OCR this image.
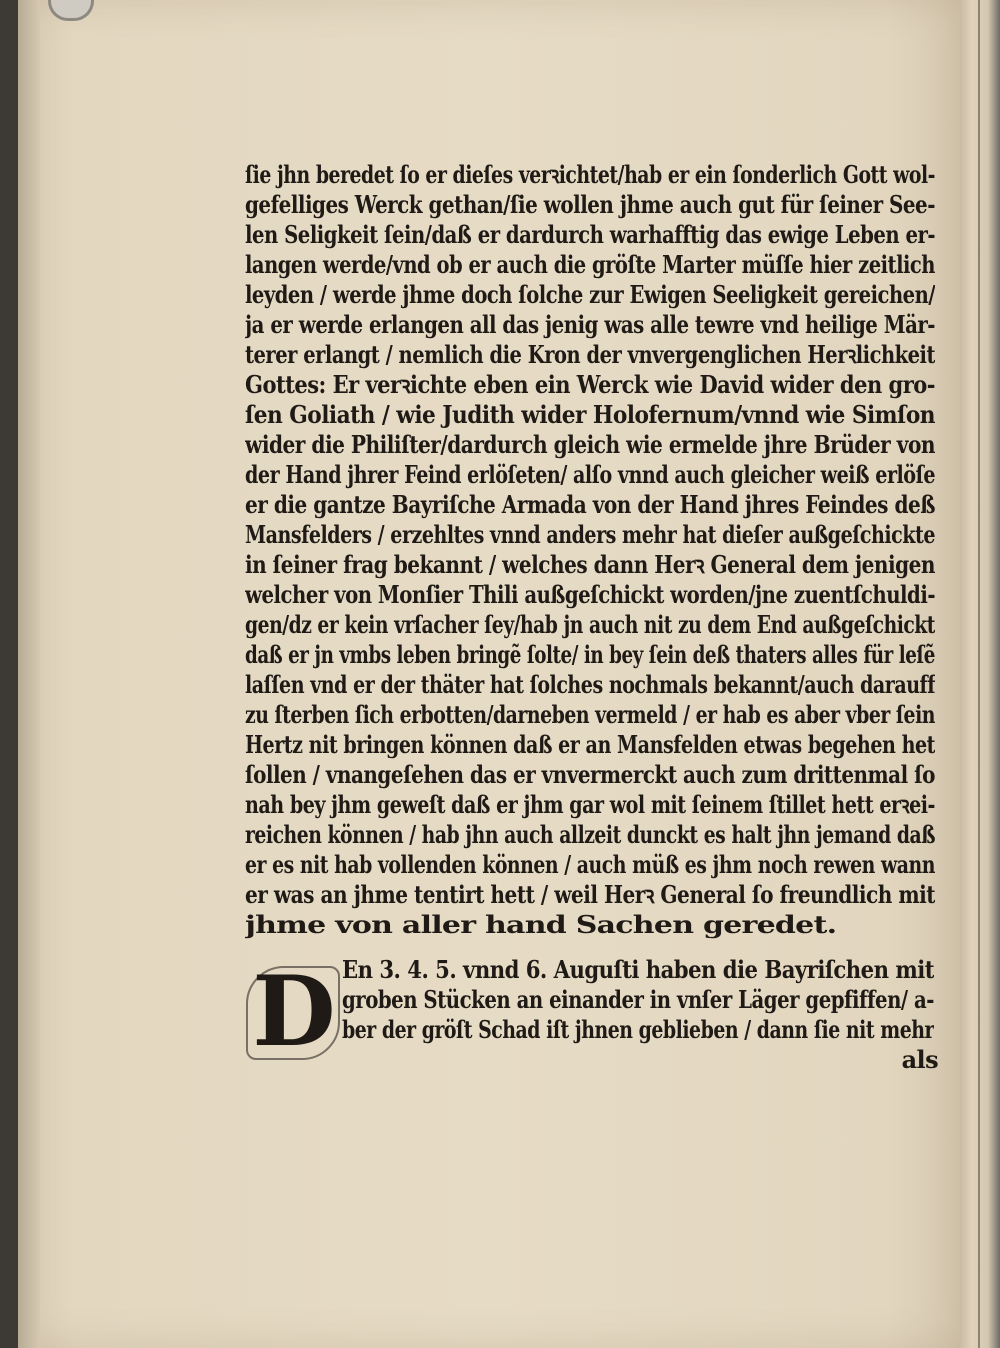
ſie jhn beredet ſo er dieſes verꝛichtet/hab er ein ſonderlich Gott wol-
gefelliges Werck gethan/ſie wollen jhme auch gut für ſeiner See-
len Seligkeit ſein/daß er dardurch warhafftig das ewige Leben er-
langen werde/vnd ob er auch die gröſte Marter müſſe hier zeitlich
leyden / werde jhme doch ſolche zur Ewigen Seeligkeit gereichen/
ja er werde erlangen all das jenig was alle tewre vnd heilige Mär-
terer erlangt / nemlich die Kron der vnvergenglichen Herꝛlichkeit
Gottes: Er verꝛichte eben ein Werck wie David wider den gro-
ſen Goliath / wie Judith wider Holofernum/vnnd wie Simſon
wider die Philiſter/dardurch gleich wie ermelde jhre Brüder von
der Hand jhrer Feind erlöſeten/ alſo vnnd auch gleicher weiß erlöſe
er die gantze Bayriſche Armada von der Hand jhres Feindes deß
Mansfelders / erzehltes vnnd anders mehr hat dieſer außgeſchickte
in ſeiner frag bekannt / welches dann Herꝛ General dem jenigen
welcher von Monſier Thili außgeſchickt worden/jne zuentſchuldi-
gen/dz er kein vrſacher ſey/hab jn auch nit zu dem End außgeſchickt
daß er jn vmbs leben bringẽ ſolte/ in bey ſein deß thaters alles für leſẽ
laſſen vnd er der thäter hat ſolches nochmals bekannt/auch darauff
zu ſterben ſich erbotten/darneben vermeld / er hab es aber vber ſein
Hertz nit bringen können daß er an Mansfelden etwas begehen het
ſollen / vnangeſehen das er vnvermerckt auch zum drittenmal ſo
nah bey jhm geweſt daß er jhm gar wol mit ſeinem ſtillet hett erꝛei-
reichen können / hab jhn auch allzeit dunckt es halt jhn jemand daß
er es nit hab vollenden können / auch müß es jhm noch rewen wann
er was an jhme tentirt hett / weil Herꝛ General ſo freundlich mit
jhme von aller hand Sachen geredet.
D En 3. 4. 5. vnnd 6. Auguſti haben die Bayriſchen mit
groben Stücken an einander in vnſer Läger gepfiffen/ a-
ber der gröſt Schad iſt jhnen geblieben / dann ſie nit mehr
als
